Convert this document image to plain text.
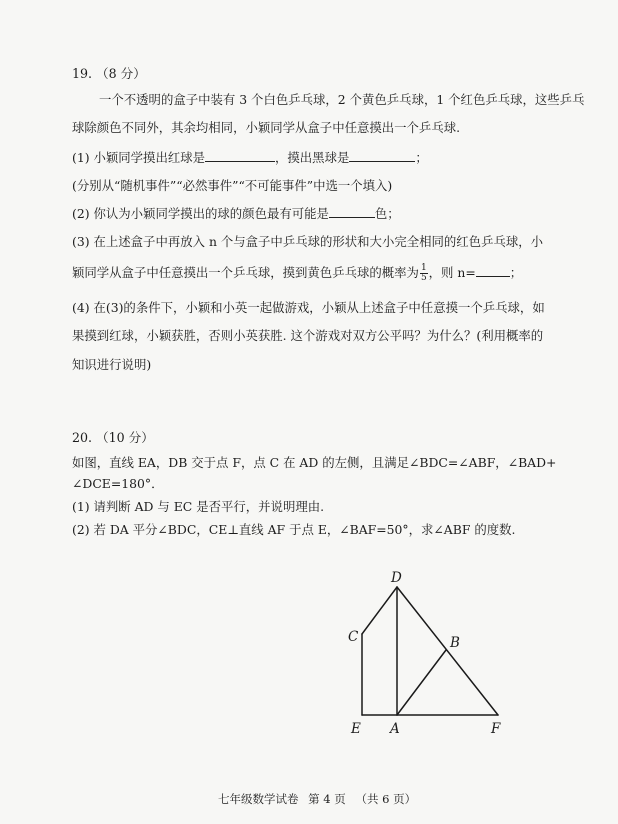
19. （8 分）
一个不透明的盒子中装有 3 个白色乒乓球，2 个黄色乒乓球，1 个红色乒乓球，这些乒乓
球除颜色不同外，其余均相同，小颖同学从盒子中任意摸出一个乒乓球.
(1) 小颖同学摸出红球是	，摸出黑球是	；
(分别从“随机事件”“必然事件”“不可能事件”中选一个填入)
(2) 你认为小颖同学摸出的球的颜色最有可能是	色；
(3) 在上述盒子中再放入 n 个与盒子中乒乓球的形状和大小完全相同的红色乒乓球，小
颖同学从盒子中任意摸出一个乒乓球，摸到黄色乒乓球的概率为 $\frac{1}{5}$ ，则 n=	；
(4) 在(3)的条件下，小颖和小英一起做游戏，小颖从上述盒子中任意摸一个乒乓球，如
果摸到红球，小颖获胜，否则小英获胜. 这个游戏对双方公平吗？为什么？(利用概率的
知识进行说明)
20. （10 分）
如图，直线 EA，DB 交于点 F，点 C 在 AD 的左侧，且满足∠BDC=∠ABF，∠BAD+
∠DCE=180°．
(1) 请判断 AD 与 EC 是否平行，并说明理由.
(2) 若 DA 平分∠BDC，CE⊥直线 AF 于点 E，∠BAF=50°，求∠ABF 的度数.
D
C	B
E A	F
七年级数学试卷 第 4 页 （共 6 页）
